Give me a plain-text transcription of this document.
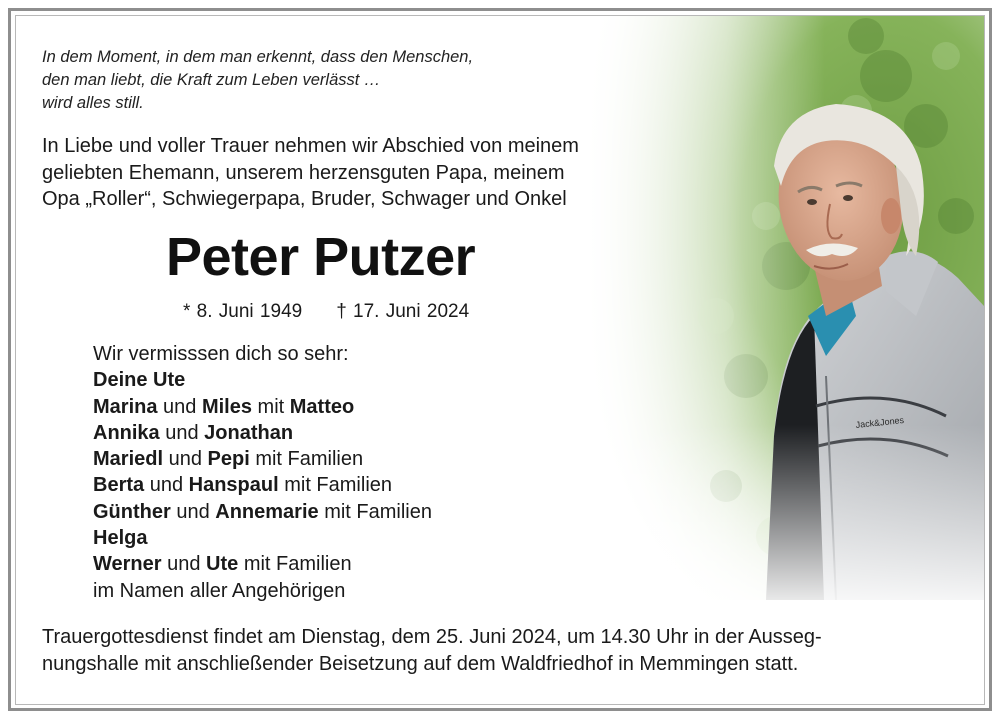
In dem Moment, in dem man erkennt, dass den Menschen,
den man liebt, die Kraft zum Leben verlässt …
wird alles still.
In Liebe und voller Trauer nehmen wir Abschied von meinem
geliebten Ehemann, unserem herzensguten Papa, meinem
Opa „Roller“, Schwiegerpapa, Bruder, Schwager und Onkel
Peter Putzer
* 8. Juni 1949 † 17. Juni 2024
Wir vermisssen dich so sehr:
Deine Ute
Marina und Miles mit Matteo
Annika und Jonathan
Mariedl und Pepi mit Familien
Berta und Hanspaul mit Familien
Günther und Annemarie mit Familien
Helga
Werner und Ute mit Familien
im Namen aller Angehörigen
Trauergottesdienst findet am Dienstag, dem 25. Juni 2024, um 14.30 Uhr in der Ausseg-
nungshalle mit anschließender Beisetzung auf dem Waldfriedhof in Memmingen statt.
